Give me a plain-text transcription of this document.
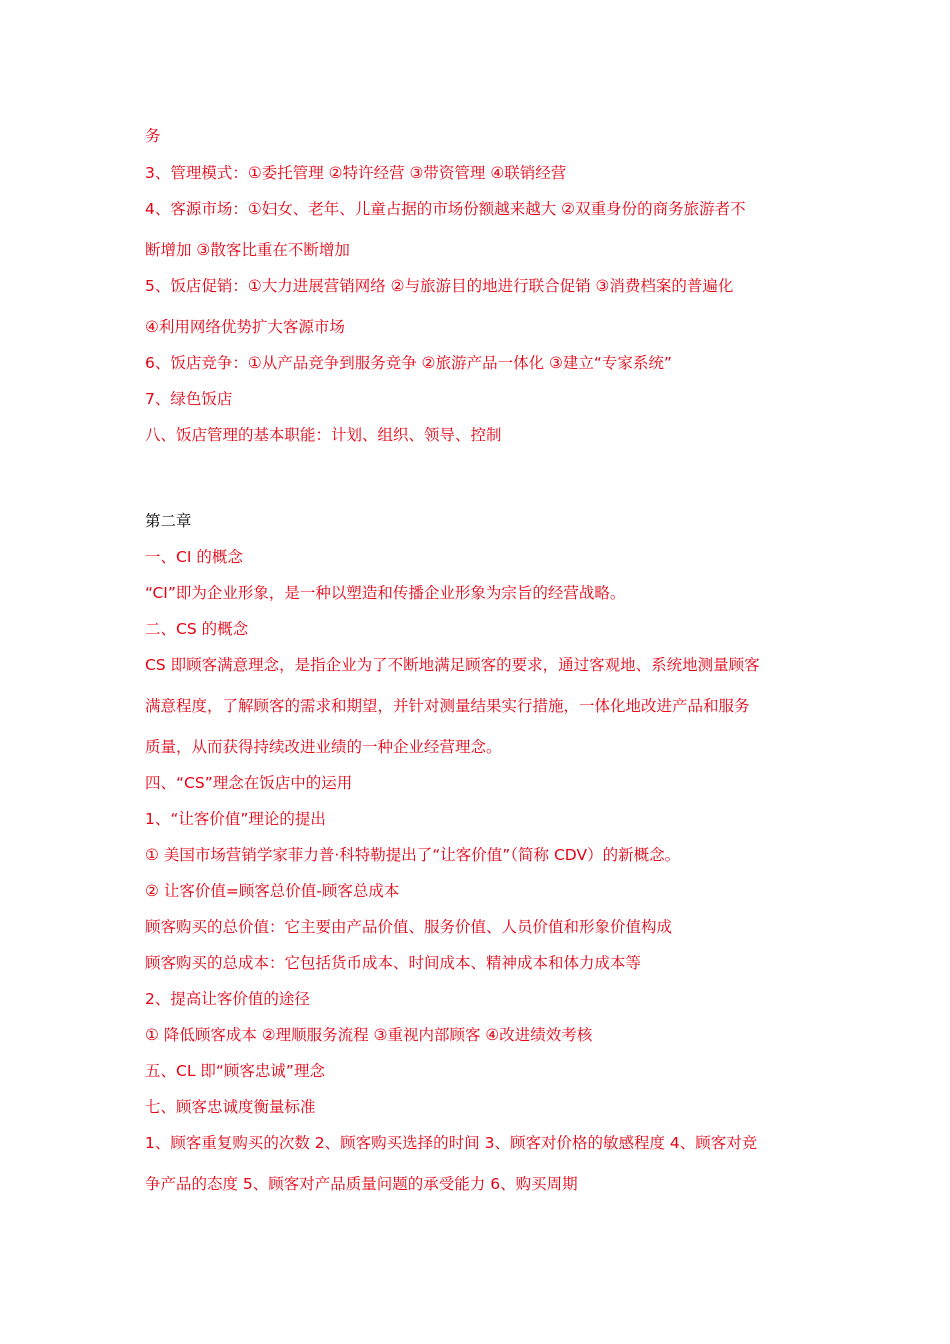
务
3、管理模式：①委托管理 ②特许经营 ③带资管理 ④联销经营
4、客源市场：①妇女、老年、儿童占据的市场份额越来越大 ②双重身份的商务旅游者不
断增加 ③散客比重在不断增加
5、饭店促销：①大力进展营销网络 ②与旅游目的地进行联合促销 ③消费档案的普遍化
④利用网络优势扩大客源市场
6、饭店竞争：①从产品竞争到服务竞争 ②旅游产品一体化 ③建立“专家系统”
7、绿色饭店
八、饭店管理的基本职能：计划、组织、领导、控制
第二章
一、CI 的概念
“CI”即为企业形象，是一种以塑造和传播企业形象为宗旨的经营战略。
二、CS 的概念
CS 即顾客满意理念，是指企业为了不断地满足顾客的要求，通过客观地、系统地测量顾客
满意程度，了解顾客的需求和期望，并针对测量结果实行措施，一体化地改进产品和服务
质量，从而获得持续改进业绩的一种企业经营理念。
四、“CS”理念在饭店中的运用
1、“让客价值”理论的提出
① 美国市场营销学家菲力普·科特勒提出了“让客价值”（简称 CDV）的新概念。
② 让客价值=顾客总价值-顾客总成本
顾客购买的总价值：它主要由产品价值、服务价值、人员价值和形象价值构成
顾客购买的总成本：它包括货币成本、时间成本、精神成本和体力成本等
2、提高让客价值的途径
① 降低顾客成本 ②理顺服务流程 ③重视内部顾客 ④改进绩效考核
五、CL 即“顾客忠诚”理念
七、顾客忠诚度衡量标准
1、顾客重复购买的次数 2、顾客购买选择的时间 3、顾客对价格的敏感程度 4、顾客对竞
争产品的态度 5、顾客对产品质量问题的承受能力 6、购买周期
